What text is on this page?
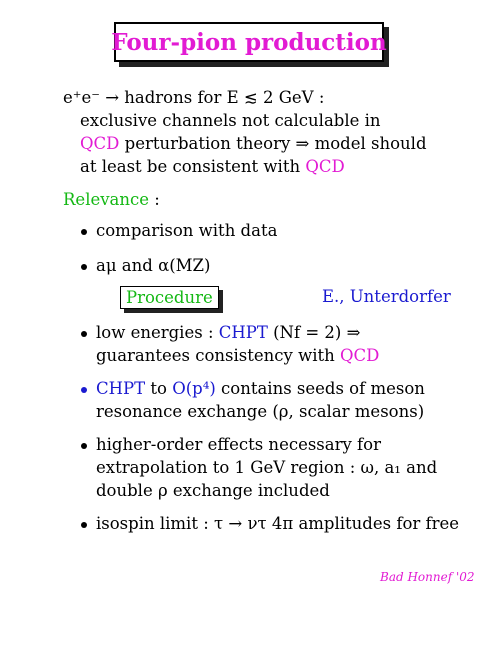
Four-pion production
e⁺e⁻ → hadrons for E ≲ 2 GeV :
exclusive channels not calculable in
QCD perturbation theory ⇒ model should
at least be consistent with QCD
Relevance :
comparison with data
aμ and α(MZ)
Procedure	E., Unterdorfer
low energies : CHPT (Nf = 2) ⇒
guarantees consistency with QCD
CHPT to O(p⁴) contains seeds of meson
resonance exchange (ρ, scalar mesons)
higher-order effects necessary for
extrapolation to 1 GeV region : ω, a₁ and
double ρ exchange included
isospin limit : τ → ντ 4π amplitudes for free
Bad Honnef '02
